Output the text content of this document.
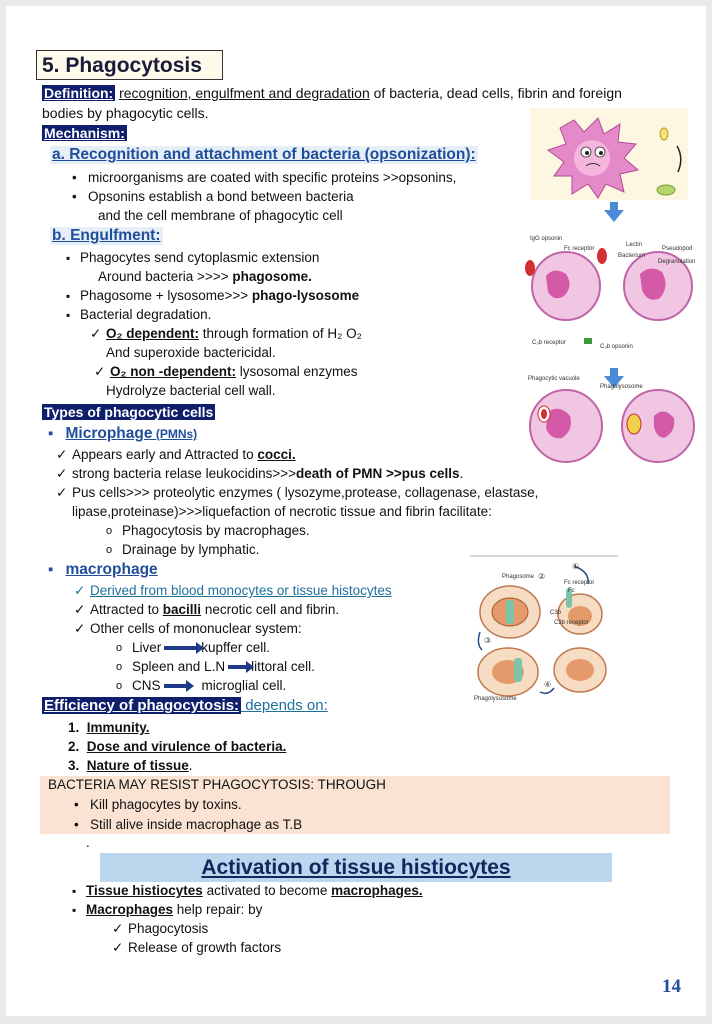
5. Phagocytosis
Definition: recognition, engulfment and degradation of bacteria, dead cells, fibrin and foreign
bodies by phagocytic cells.
Mechanism:
a. Recognition and attachment of bacteria (opsonization):
• microorganisms are coated with specific proteins >>opsonins,
• Opsonins establish a bond between bacteria
and the cell membrane of phagocytic cell
b. Engulfment:
▪ Phagocytes send cytoplasmic extension
Around bacteria >>>> phagosome.
▪ Phagosome + lysosome>>> phago-lysosome
▪ Bacterial degradation.
✓ O₂ dependent: through formation of H₂ O₂
And superoxide bactericidal.
✓ O₂ non -dependent: lysosomal enzymes
Hydrolyze bacterial cell wall.
Types of phagocytic cells
▪ Microphage (PMNs)
✓ Appears early and Attracted to cocci.
✓ strong bacteria relase leukocidins>>>death of PMN >>pus cells.
✓ Pus cells>>> proteolytic enzymes ( lysozyme,protease, collagenase, elastase,
lipase,proteinase)>>>liquefaction of necrotic tissue and fibrin facilitate:
o Phagocytosis by macrophages.
o Drainage by lymphatic.
▪ macrophage
✓ Derived from blood monocytes or tissue histocytes
✓ Attracted to bacilli necrotic cell and fibrin.
✓ Other cells of mononuclear system:
o Liver	kupffer cell.
o Spleen and L.N littoral cell.
o CNS	microglial cell.
Efficiency of phagocytosis: depends on:
1.  Immunity.
2.  Dose and virulence of bacteria.
3.  Nature of tissue.
BACTERIA MAY RESIST PHAGOCYTOSIS: THROUGH
• Kill phagocytes by toxins.
• Still alive inside macrophage as T.B
.
Activation of tissue histiocytes
▪ Tissue histiocytes activated to become macrophages.
▪ Macrophages help repair: by
✓ Phagocytosis
✓ Release of growth factors
14
IgG opsonin
Fc receptor
Lectin
Bacterium
Pseudopod
Degranulation
C₃b receptor
C₃b opsonin
Phagocytic vacuole
Phagolysosome
Phagosome ②
①
Fc receptor
Fc
C3b
C3b receptor
③
④
Phagolysosome
